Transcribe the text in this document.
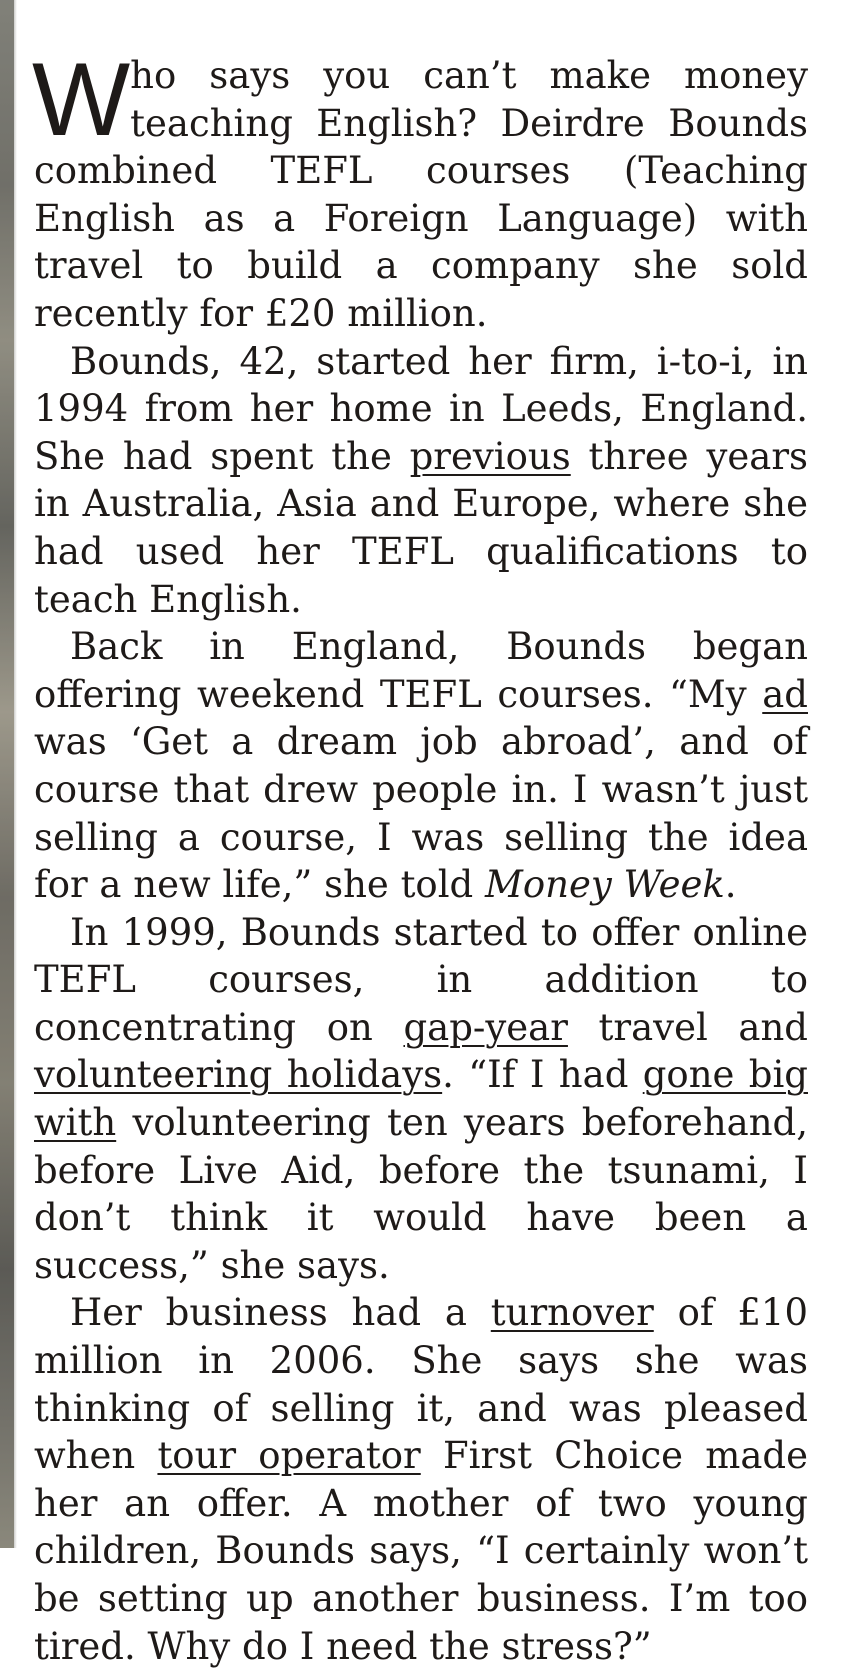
Who says you can’t make money teaching English? Deirdre Bounds combined TEFL courses (Teaching English as a Foreign Language) with travel to build a company she sold recently for £20 million.

Bounds, 42, started her firm, i-to-i, in 1994 from her home in Leeds, England. She had spent the previous three years in Australia, Asia and Europe, where she had used her TEFL qualifications to teach English.

Back in England, Bounds began offering weekend TEFL courses. “My ad was ‘Get a dream job abroad’, and of course that drew people in. I wasn’t just selling a course, I was selling the idea for a new life,” she told Money Week.

In 1999, Bounds started to offer online TEFL courses, in addition to concentrating on gap-year travel and volunteering holidays. “If I had gone big with volunteering ten years beforehand, before Live Aid, before the tsunami, I don’t think it would have been a success,” she says.

Her business had a turnover of £10 million in 2006. She says she was thinking of selling it, and was pleased when tour operator First Choice made her an offer. A mother of two young children, Bounds says, “I certainly won’t be setting up another business. I’m too tired. Why do I need the stress?”
